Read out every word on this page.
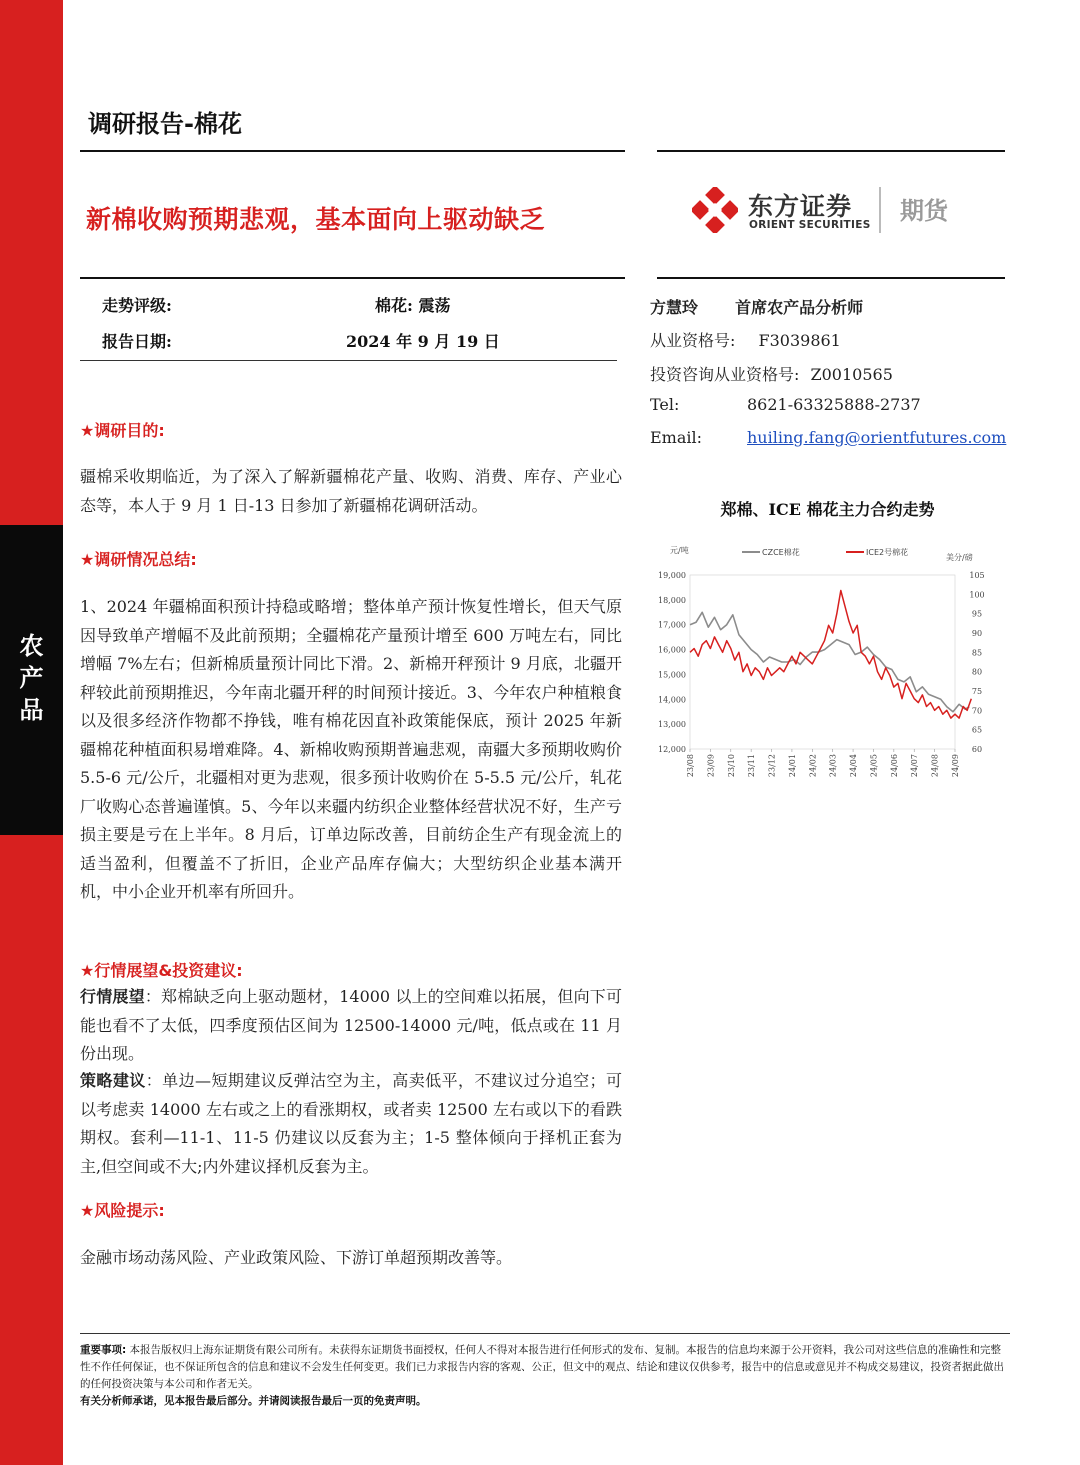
农
产
品
调研报告-棉花
新棉收购预期悲观，基本面向上驱动缺乏	东方证券
ORIENT SECURITIES 期货
走势评级:	棉花: 震荡
报告日期:	2024 年 9 月 19 日
方慧玲 首席农产品分析师
从业资格号: F3039861
投资咨询从业资格号: Z0010565
Tel:	8621-63325888-2737
Email:	huiling.fang@orientfutures.com
★调研目的:
疆棉采收期临近，为了深入了解新疆棉花产量、收购、消费、库存、产业心态等，本人于 9 月 1 日-13 日参加了新疆棉花调研活动。
★调研情况总结:
1、2024 年疆棉面积预计持稳或略增；整体单产预计恢复性增长，但天气原因导致单产增幅不及此前预期；全疆棉花产量预计增至 600 万吨左右，同比增幅 7%左右；但新棉质量预计同比下滑。2、新棉开秤预计 9 月底，北疆开秤较此前预期推迟，今年南北疆开秤的时间预计接近。3、今年农户种植粮食以及很多经济作物都不挣钱，唯有棉花因直补政策能保底，预计 2025 年新疆棉花种植面积易增难降。4、新棉收购预期普遍悲观，南疆大多预期收购价 5.5-6 元/公斤，北疆相对更为悲观，很多预计收购价在 5-5.5 元/公斤，轧花厂收购心态普遍谨慎。5、今年以来疆内纺织企业整体经营状况不好，生产亏损主要是亏在上半年。8 月后，订单边际改善，目前纺企生产有现金流上的适当盈利，但覆盖不了折旧，企业产品库存偏大；大型纺织企业基本满开机，中小企业开机率有所回升。
★行情展望&投资建议:
行情展望：郑棉缺乏向上驱动题材，14000 以上的空间难以拓展，但向下可能也看不了太低，四季度预估区间为 12500-14000 元/吨，低点或在 11 月份出现。
策略建议：单边—短期建议反弹沽空为主，高卖低平，不建议过分追空；可以考虑卖 14000 左右或之上的看涨期权，或者卖 12500 左右或以下的看跌期权。套利—11-1、11-5 仍建议以反套为主；1-5 整体倾向于择机正套为主,但空间或不大;内外建议择机反套为主。
★风险提示:
金融市场动荡风险、产业政策风险、下游订单超预期改善等。
郑棉、ICE 棉花主力合约走势
元/吨
美分/磅
CZCE棉花	ICE2号棉花
19,000
18,000
17,000
16,000
15,000
14,000
13,000
12,000
105
100
95
90
85
80
75
70
65
60
23/08 23/09 23/10 23/11 23/12 24/01 24/02 24/03 24/04 24/05 24/06 24/07 24/08 24/09
重要事项: 本报告版权归上海东证期货有限公司所有。未获得东证期货书面授权，任何人不得对本报告进行任何形式的发布、复制。本报告的信息均来源于公开资料，我公司对这些信息的准确性和完整性不作任何保证，也不保证所包含的信息和建议不会发生任何变更。我们已力求报告内容的客观、公正，但文中的观点、结论和建议仅供参考，报告中的信息或意见并不构成交易建议，投资者据此做出的任何投资决策与本公司和作者无关。
有关分析师承诺，见本报告最后部分。并请阅读报告最后一页的免责声明。
